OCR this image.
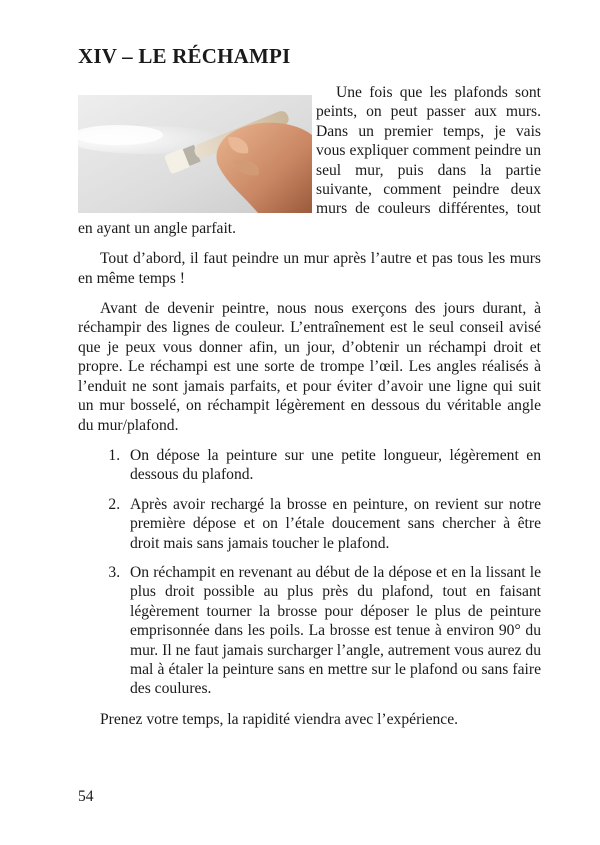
XIV – LE RÉCHAMPI

Une fois que les plafonds sont peints, on peut passer aux murs. Dans un premier temps, je vais vous expliquer comment peindre un seul mur, puis dans la partie suivante, comment peindre deux murs de couleurs différentes, tout en ayant un angle parfait.

Tout d’abord, il faut peindre un mur après l’autre et pas tous les murs en même temps !

Avant de devenir peintre, nous nous exerçons des jours durant, à réchampir des lignes de couleur. L’entraînement est le seul conseil avisé que je peux vous donner afin, un jour, d’obtenir un réchampi droit et propre. Le réchampi est une sorte de trompe l’œil. Les angles réalisés à l’enduit ne sont jamais parfaits, et pour éviter d’avoir une ligne qui suit un mur bosselé, on réchampit légèrement en dessous du véritable angle du mur/plafond.

1. On dépose la peinture sur une petite longueur, légèrement en dessous du plafond.
2. Après avoir rechargé la brosse en peinture, on revient sur notre première dépose et on l’étale doucement sans chercher à être droit mais sans jamais toucher le plafond.
3. On réchampit en revenant au début de la dépose et en la lissant le plus droit possible au plus près du plafond, tout en faisant légèrement tourner la brosse pour déposer le plus de peinture emprisonnée dans les poils. La brosse est tenue à environ 90° du mur. Il ne faut jamais surcharger l’angle, autrement vous aurez du mal à étaler la peinture sans en mettre sur le plafond ou sans faire des coulures.

Prenez votre temps, la rapidité viendra avec l’expérience.

54
